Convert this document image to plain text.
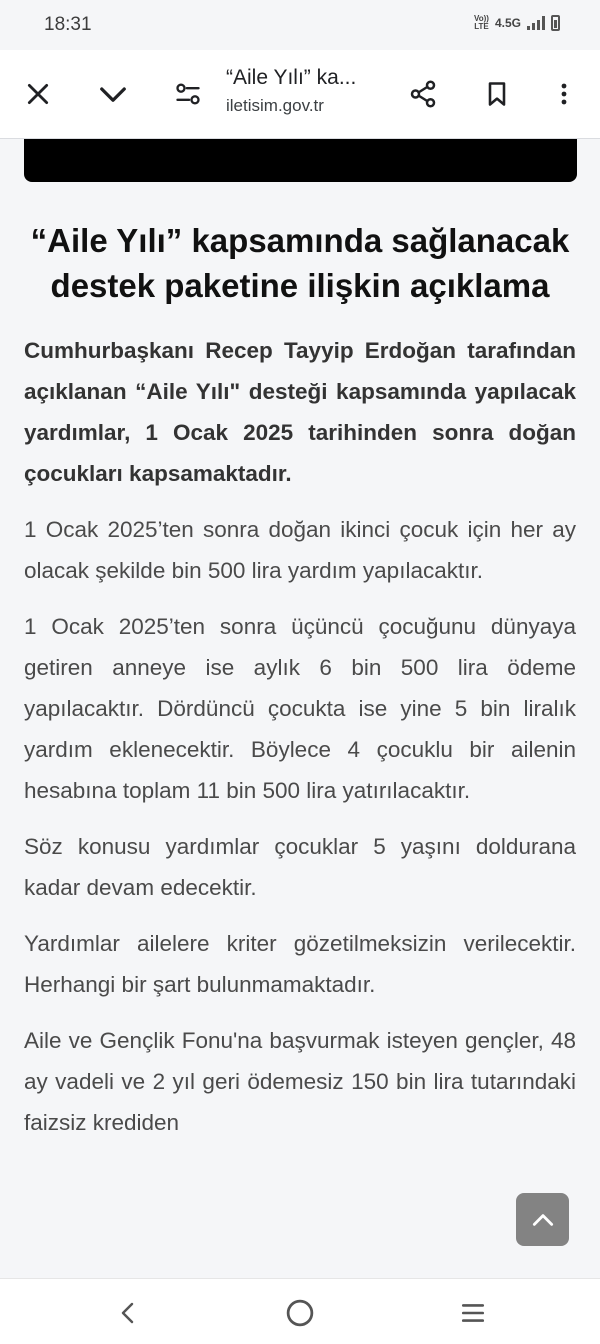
18:31	Vo))
LTE 4.5G
“Aile Yılı” ka...
iletisim.gov.tr
“Aile Yılı” kapsamında sağlanacak destek paketine ilişkin açıklama

Cumhurbaşkanı Recep Tayyip Erdoğan tarafından açıklanan “Aile Yılı" desteği kapsamında yapılacak yardımlar, 1 Ocak 2025 tarihinden sonra doğan çocukları kapsamaktadır.

1 Ocak 2025’ten sonra doğan ikinci çocuk için her ay olacak şekilde bin 500 lira yardım yapılacaktır.

1 Ocak 2025’ten sonra üçüncü çocuğunu dünyaya getiren anneye ise aylık 6 bin 500 lira ödeme yapılacaktır. Dördüncü çocukta ise yine 5 bin liralık yardım eklenecektir. Böylece 4 çocuklu bir ailenin hesabına toplam 11 bin 500 lira yatırılacaktır.

Söz konusu yardımlar çocuklar 5 yaşını doldurana kadar devam edecektir.

Yardımlar ailelere kriter gözetilmeksizin verilecektir. Herhangi bir şart bulunmamaktadır.

Aile ve Gençlik Fonu'na başvurmak isteyen gençler, 48 ay vadeli ve 2 yıl geri ödemesiz 150 bin lira tutarındaki faizsiz krediden
